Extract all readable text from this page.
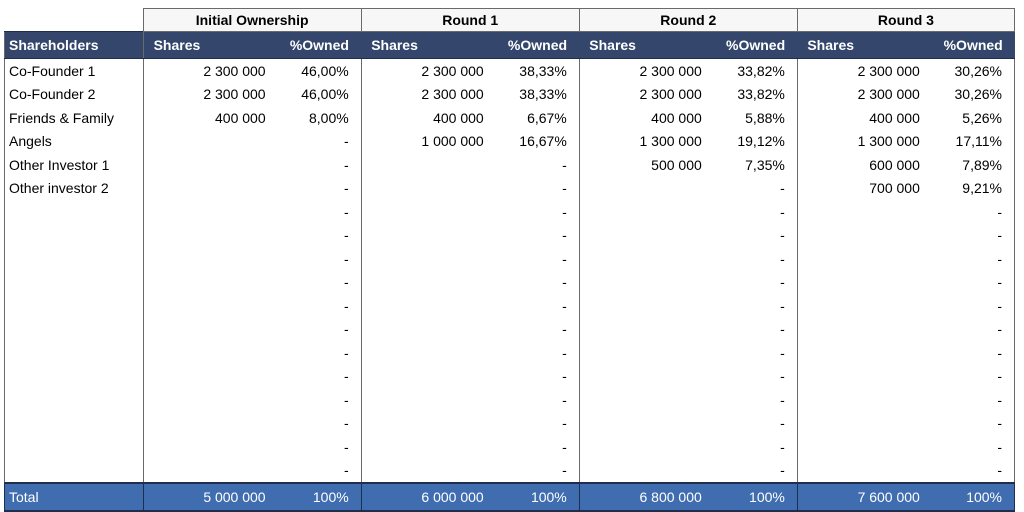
	Initial Ownership		Round 1		Round 2		Round 3	
Shareholders	Shares	%Owned	Shares	%Owned	Shares	%Owned	Shares	%Owned
Co-Founder 1	2 300 000	46,00%	2 300 000	38,33%	2 300 000	33,82%	2 300 000	30,26%
Co-Founder 2	2 300 000	46,00%	2 300 000	38,33%	2 300 000	33,82%	2 300 000	30,26%
Friends & Family	400 000	8,00%	400 000	6,67%	400 000	5,88%	400 000	5,26%
Angels		-	1 000 000	16,67%	1 300 000	19,12%	1 300 000	17,11%
Other Investor 1		-		-	500 000	7,35%	600 000	7,89%
Other investor 2		-		-		-	700 000	9,21%
		-		-		-		-
		-		-		-		-
		-		-		-		-
		-		-		-		-
		-		-		-		-
		-		-		-		-
		-		-		-		-
		-		-		-		-
		-		-		-		-
		-		-		-		-
		-		-		-		-
		-		-		-		-
Total	5 000 000	100%	6 000 000	100%	6 800 000	100%	7 600 000	100%
